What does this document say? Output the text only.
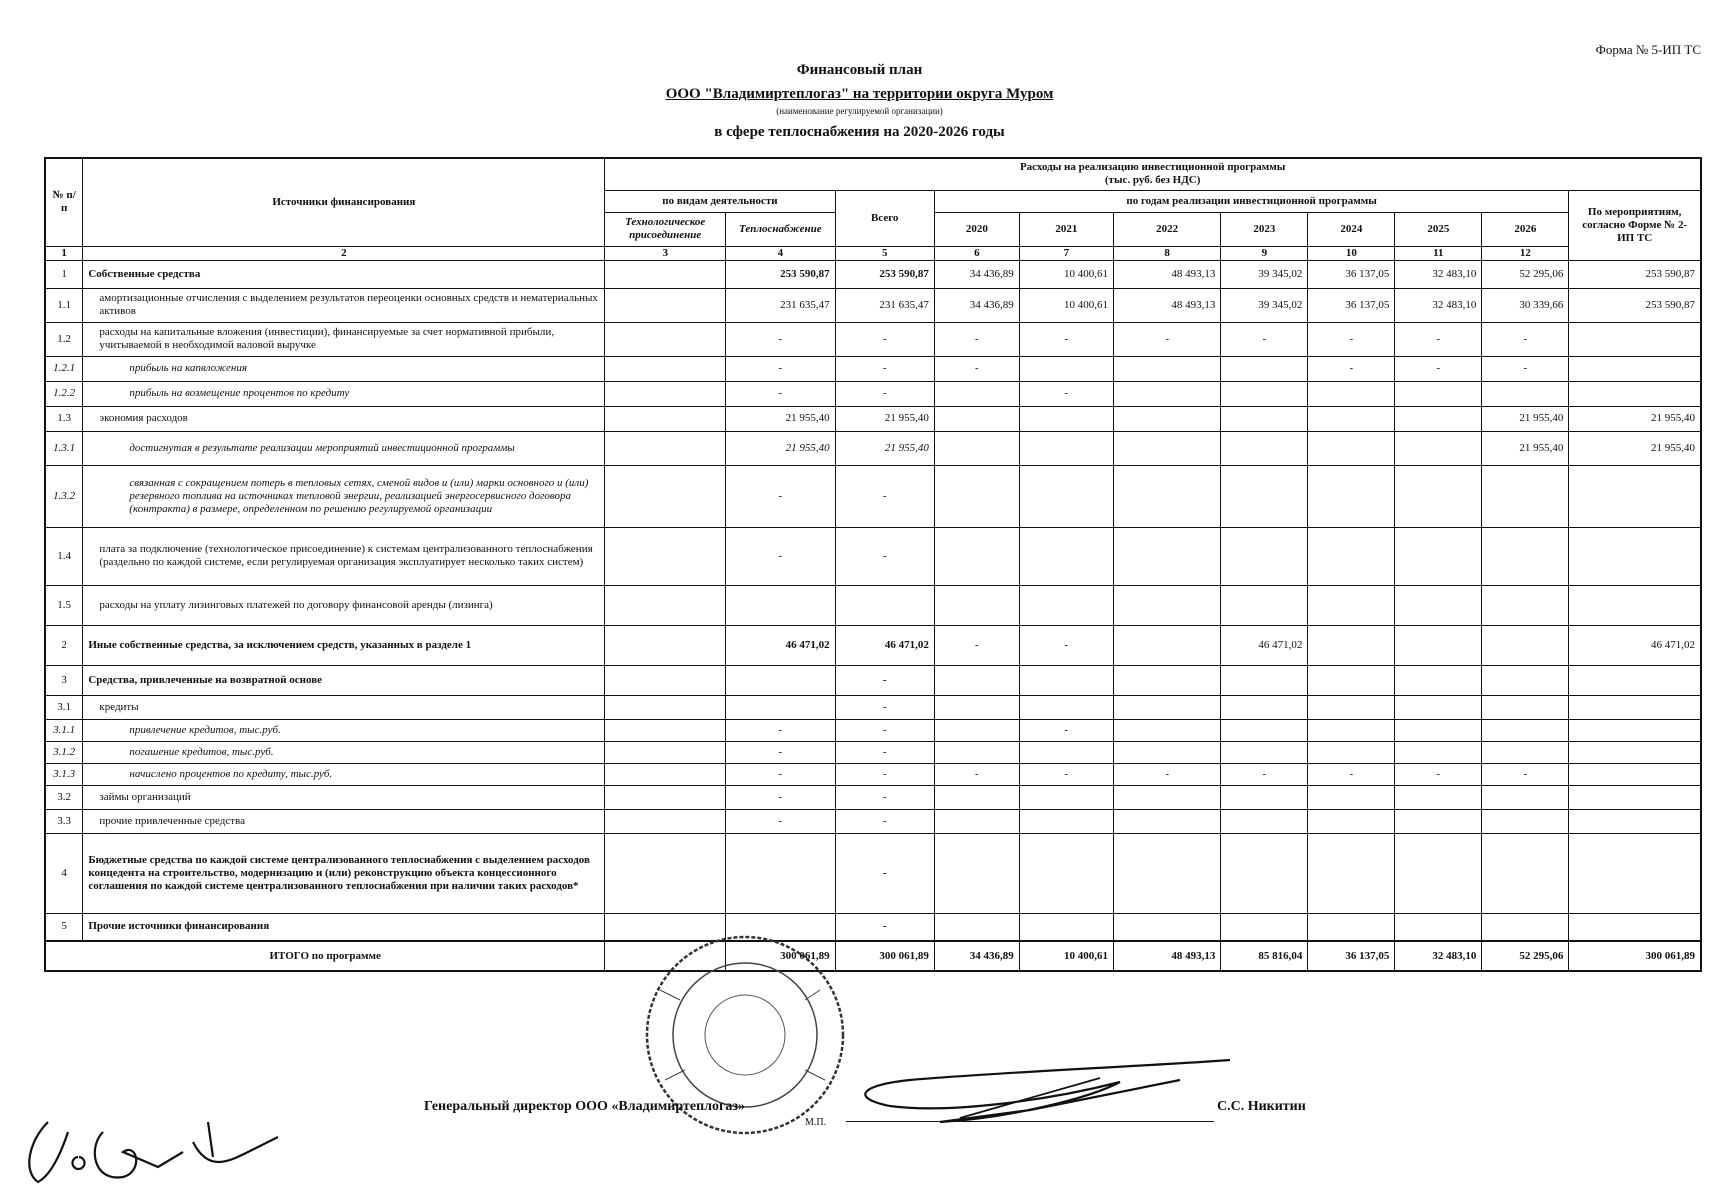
Форма № 5-ИП ТС
Финансовый план
ООО "Владимиртеплогаз" на территории округа Муром
(наименование регулируемой организации)
в сфере теплоснабжения на 2020-2026 годы
№ п/п	Источники финансирования	Расходы на реализацию инвестиционной программы
(тыс. руб. без НДС)										

		по видам деятельности		Всего	по годам реализации инвестиционной программы							По мероприятиям, согласно Форме № 2-ИП ТС
		Технологическое присоединение	Теплоснабжение		2020	2021	2022	2023	2024	2025	2026	
1	2	3	4	5	6	7	8	9	10	11	12	
1	Собственные средства		253 590,87	253 590,87	34 436,89	10 400,61	48 493,13	39 345,02	36 137,05	32 483,10	52 295,06	253 590,87
1.1	амортизационные отчисления с выделением результатов переоценки основных средств и нематериальных активов		231 635,47	231 635,47	34 436,89	10 400,61	48 493,13	39 345,02	36 137,05	32 483,10	30 339,66	253 590,87
1.2	расходы на капитальные вложения (инвестиции), финансируемые за счет нормативной прибыли, учитываемой в необходимой валовой выручке		-	-	-	-	-	-	-	-	-	
1.2.1	прибыль на капвложения		-	-	-				-	-	-	
1.2.2	прибыль на возмещение процентов по кредиту		-	-		-						
1.3	экономия расходов		21 955,40	21 955,40							21 955,40	21 955,40
1.3.1	достигнутая в результате реализации мероприятий инвестиционной программы		21 955,40	21 955,40							21 955,40	21 955,40
1.3.2	связанная с сокращением потерь в тепловых сетях, сменой видов и (или) марки основного и (или) резервного топлива на источниках тепловой энергии, реализацией энергосервисного договора (контракта) в размере, определенном по решению регулируемой организации		-	-								
1.4	плата за подключение (технологическое присоединение) к системам централизованного теплоснабжения (раздельно по каждой системе, если регулируемая организация эксплуатирует несколько таких систем)		-	-								
1.5	расходы на уплату лизинговых платежей по договору финансовой аренды (лизинга)											
2	Иные собственные средства, за исключением средств, указанных в разделе 1		46 471,02	46 471,02	-	-		46 471,02				46 471,02
3	Средства, привлеченные на возвратной основе			-								
3.1	кредиты			-								
3.1.1	привлечение кредитов, тыс.руб.		-	-		-						
3.1.2	погашение кредитов, тыс.руб.		-	-								
3.1.3	начислено процентов по кредиту, тыс.руб.		-	-	-	-	-	-	-	-	-	
3.2	займы организаций		-	-								
3.3	прочие привлеченные средства		-	-								
4	Бюджетные средства по каждой системе централизованного теплоснабжения с выделением расходов концедента на строительство, модернизацию и (или) реконструкцию объекта концессионного соглашения по каждой системе централизованного теплоснабжения при наличии таких расходов*			-								
5	Прочие источники финансирования			-								
ИТОГО по программе			300 061,89	300 061,89	34 436,89	10 400,61	48 493,13	85 816,04	36 137,05	32 483,10	52 295,06	300 061,89
Генеральный директор ООО «Владимиртеплогаз»
М.П.
С.С. Никитин
